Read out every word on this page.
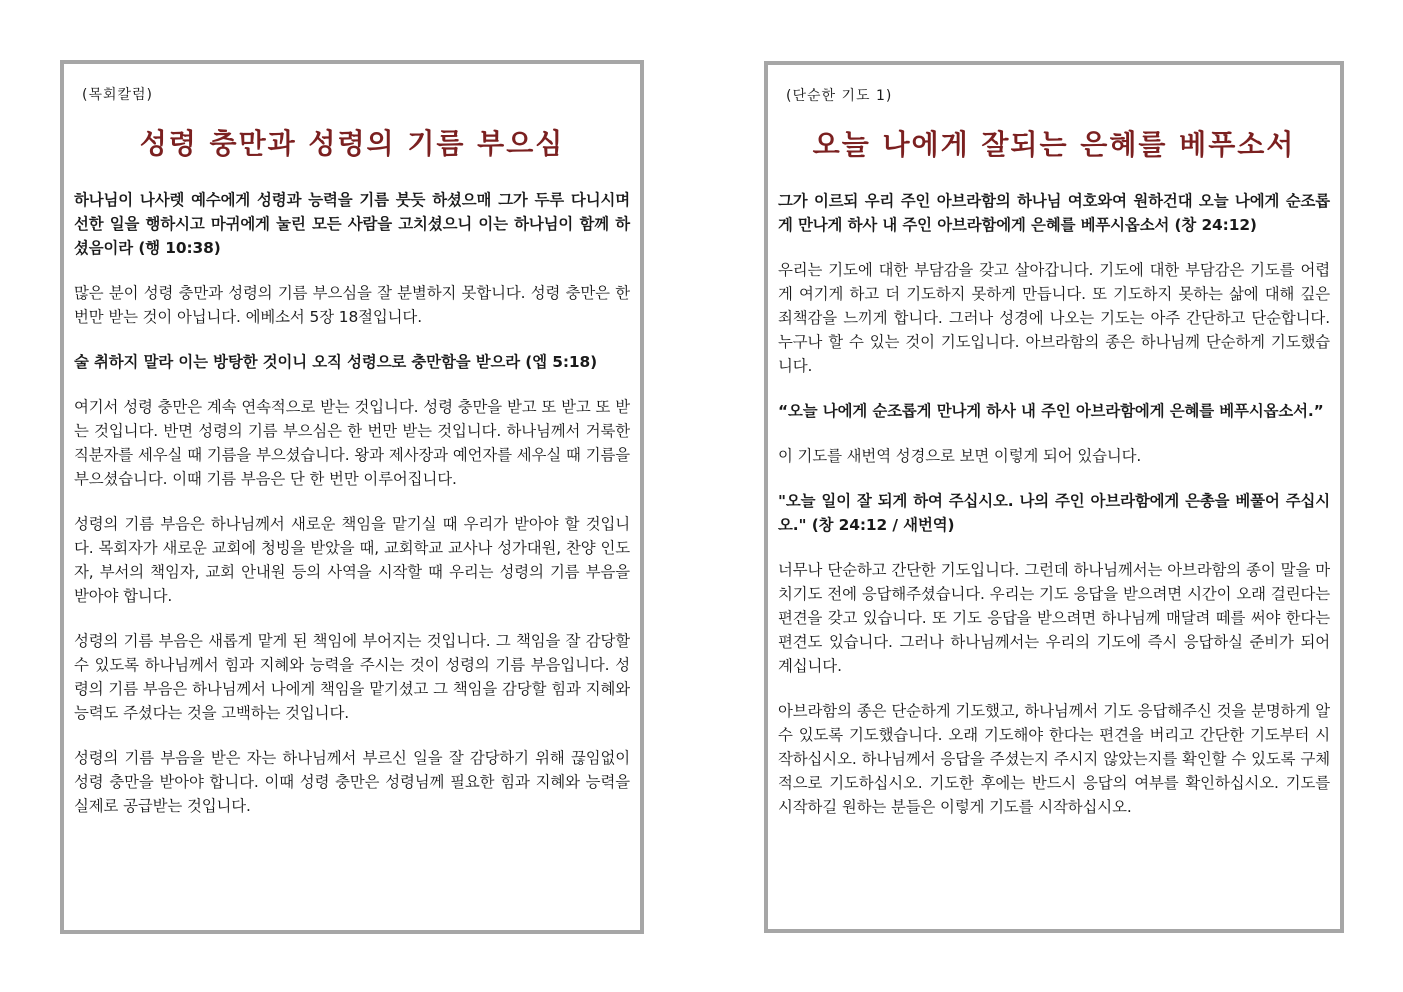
(목회칼럼)
성령 충만과 성령의 기름 부으심

하나님이 나사렛 예수에게 성령과 능력을 기름 붓듯 하셨으매 그가 두루 다니시며 선한 일을 행하시고 마귀에게 눌린 모든 사람을 고치셨으니 이는 하나님이 함께 하셨음이라 (행 10:38)

많은 분이 성령 충만과 성령의 기름 부으심을 잘 분별하지 못합니다. 성령 충만은 한 번만 받는 것이 아닙니다. 에베소서 5장 18절입니다.

술 취하지 말라 이는 방탕한 것이니 오직 성령으로 충만함을 받으라 (엡 5:18)

여기서 성령 충만은 계속 연속적으로 받는 것입니다. 성령 충만을 받고 또 받고 또 받는 것입니다. 반면 성령의 기름 부으심은 한 번만 받는 것입니다. 하나님께서 거룩한 직분자를 세우실 때 기름을 부으셨습니다. 왕과 제사장과 예언자를 세우실 때 기름을 부으셨습니다. 이때 기름 부음은 단 한 번만 이루어집니다.

성령의 기름 부음은 하나님께서 새로운 책임을 맡기실 때 우리가 받아야 할 것입니다. 목회자가 새로운 교회에 청빙을 받았을 때, 교회학교 교사나 성가대원, 찬양 인도자, 부서의 책임자, 교회 안내원 등의 사역을 시작할 때 우리는 성령의 기름 부음을 받아야 합니다.

성령의 기름 부음은 새롭게 맡게 된 책임에 부어지는 것입니다. 그 책임을 잘 감당할 수 있도록 하나님께서 힘과 지혜와 능력을 주시는 것이 성령의 기름 부음입니다. 성령의 기름 부음은 하나님께서 나에게 책임을 맡기셨고 그 책임을 감당할 힘과 지혜와 능력도 주셨다는 것을 고백하는 것입니다.

성령의 기름 부음을 받은 자는 하나님께서 부르신 일을 잘 감당하기 위해 끊임없이 성령 충만을 받아야 합니다. 이때 성령 충만은 성령님께 필요한 힘과 지혜와 능력을 실제로 공급받는 것입니다.

(단순한 기도 1)
오늘 나에게 잘되는 은혜를 베푸소서

그가 이르되 우리 주인 아브라함의 하나님 여호와여 원하건대 오늘 나에게 순조롭게 만나게 하사 내 주인 아브라함에게 은혜를 베푸시옵소서 (창 24:12)

우리는 기도에 대한 부담감을 갖고 살아갑니다. 기도에 대한 부담감은 기도를 어렵게 여기게 하고 더 기도하지 못하게 만듭니다. 또 기도하지 못하는 삶에 대해 깊은 죄책감을 느끼게 합니다. 그러나 성경에 나오는 기도는 아주 간단하고 단순합니다. 누구나 할 수 있는 것이 기도입니다. 아브라함의 종은 하나님께 단순하게 기도했습니다.

“오늘 나에게 순조롭게 만나게 하사 내 주인 아브라함에게 은혜를 베푸시옵소서.”

이 기도를 새번역 성경으로 보면 이렇게 되어 있습니다.

"오늘 일이 잘 되게 하여 주십시오. 나의 주인 아브라함에게 은총을 베풀어 주십시오." (창 24:12 / 새번역)

너무나 단순하고 간단한 기도입니다. 그런데 하나님께서는 아브라함의 종이 말을 마치기도 전에 응답해주셨습니다. 우리는 기도 응답을 받으려면 시간이 오래 걸린다는 편견을 갖고 있습니다. 또 기도 응답을 받으려면 하나님께 매달려 떼를 써야 한다는 편견도 있습니다. 그러나 하나님께서는 우리의 기도에 즉시 응답하실 준비가 되어 계십니다.

아브라함의 종은 단순하게 기도했고, 하나님께서 기도 응답해주신 것을 분명하게 알 수 있도록 기도했습니다. 오래 기도해야 한다는 편견을 버리고 간단한 기도부터 시작하십시오. 하나님께서 응답을 주셨는지 주시지 않았는지를 확인할 수 있도록 구체적으로 기도하십시오. 기도한 후에는 반드시 응답의 여부를 확인하십시오. 기도를 시작하길 원하는 분들은 이렇게 기도를 시작하십시오.
